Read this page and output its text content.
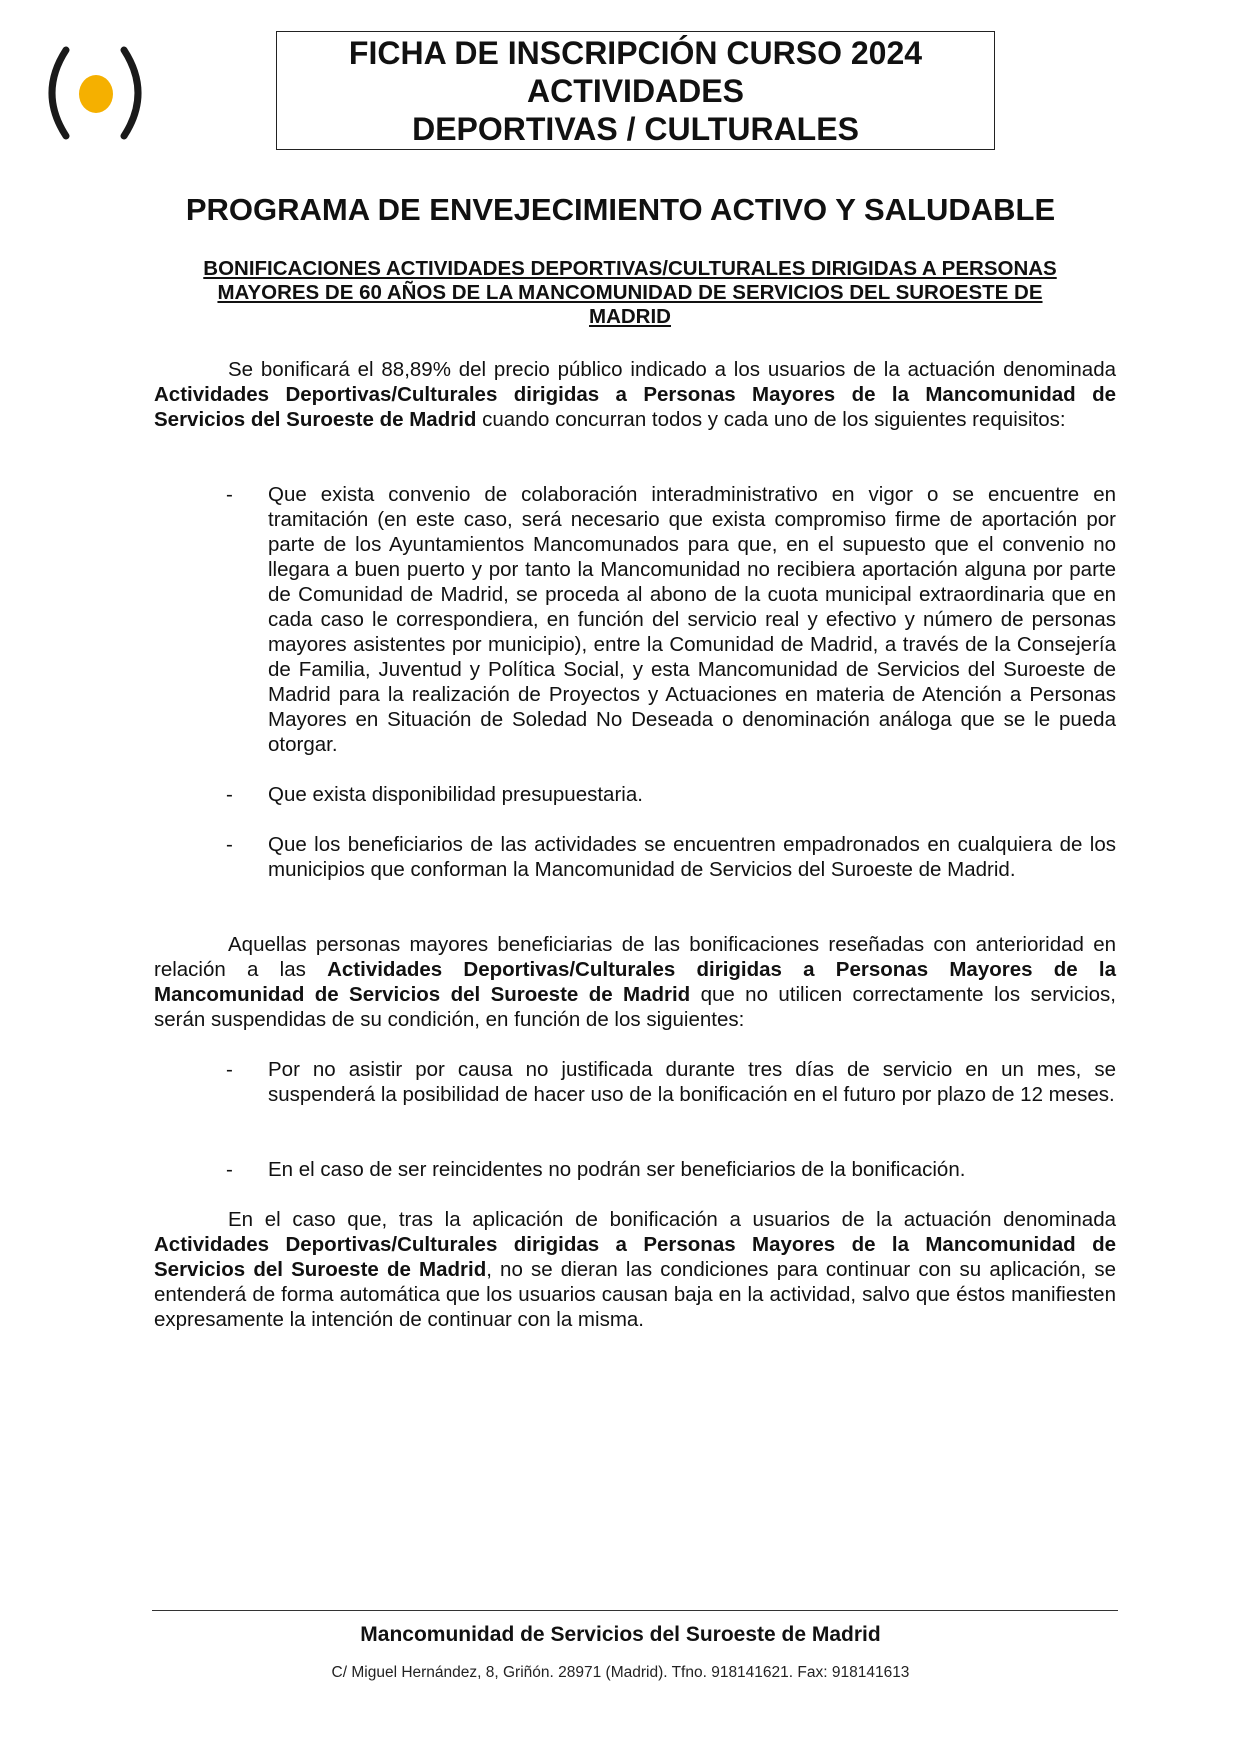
FICHA DE INSCRIPCIÓN CURSO 2024
ACTIVIDADES
DEPORTIVAS / CULTURALES
PROGRAMA DE ENVEJECIMIENTO ACTIVO Y SALUDABLE
BONIFICACIONES ACTIVIDADES DEPORTIVAS/CULTURALES DIRIGIDAS A PERSONAS
MAYORES DE 60 AÑOS DE LA MANCOMUNIDAD DE SERVICIOS DEL SUROESTE DE
MADRID
Se bonificará el 88,89% del precio público indicado a los usuarios de la actuación denominada Actividades Deportivas/Culturales dirigidas a Personas Mayores de la Mancomunidad de Servicios del Suroeste de Madrid cuando concurran todos y cada uno de los siguientes requisitos:
-	Que exista convenio de colaboración interadministrativo en vigor o se encuentre en tramitación (en este caso, será necesario que exista compromiso firme de aportación por parte de los Ayuntamientos Mancomunados para que, en el supuesto que el convenio no llegara a buen puerto y por tanto la Mancomunidad no recibiera aportación alguna por parte de Comunidad de Madrid, se proceda al abono de la cuota municipal extraordinaria que en cada caso le correspondiera, en función del servicio real y efectivo y número de personas mayores asistentes por municipio), entre la Comunidad de Madrid, a través de la Consejería de Familia, Juventud y Política Social, y esta Mancomunidad de Servicios del Suroeste de Madrid para la realización de Proyectos y Actuaciones en materia de Atención a Personas Mayores en Situación de Soledad No Deseada o denominación análoga que se le pueda otorgar.
-	Que exista disponibilidad presupuestaria.
-	Que los beneficiarios de las actividades se encuentren empadronados en cualquiera de los municipios que conforman la Mancomunidad de Servicios del Suroeste de Madrid.
Aquellas personas mayores beneficiarias de las bonificaciones reseñadas con anterioridad en relación a las Actividades Deportivas/Culturales dirigidas a Personas Mayores de la Mancomunidad de Servicios del Suroeste de Madrid que no utilicen correctamente los servicios, serán suspendidas de su condición, en función de los siguientes:
-	Por no asistir por causa no justificada durante tres días de servicio en un mes, se suspenderá la posibilidad de hacer uso de la bonificación en el futuro por plazo de 12 meses.
-	En el caso de ser reincidentes no podrán ser beneficiarios de la bonificación.
En el caso que, tras la aplicación de bonificación a usuarios de la actuación denominada Actividades Deportivas/Culturales dirigidas a Personas Mayores de la Mancomunidad de Servicios del Suroeste de Madrid, no se dieran las condiciones para continuar con su aplicación, se entenderá de forma automática que los usuarios causan baja en la actividad, salvo que éstos manifiesten expresamente la intención de continuar con la misma.
Mancomunidad de Servicios del Suroeste de Madrid
C/ Miguel Hernández, 8, Griñón. 28971 (Madrid). Tfno. 918141621. Fax: 918141613
